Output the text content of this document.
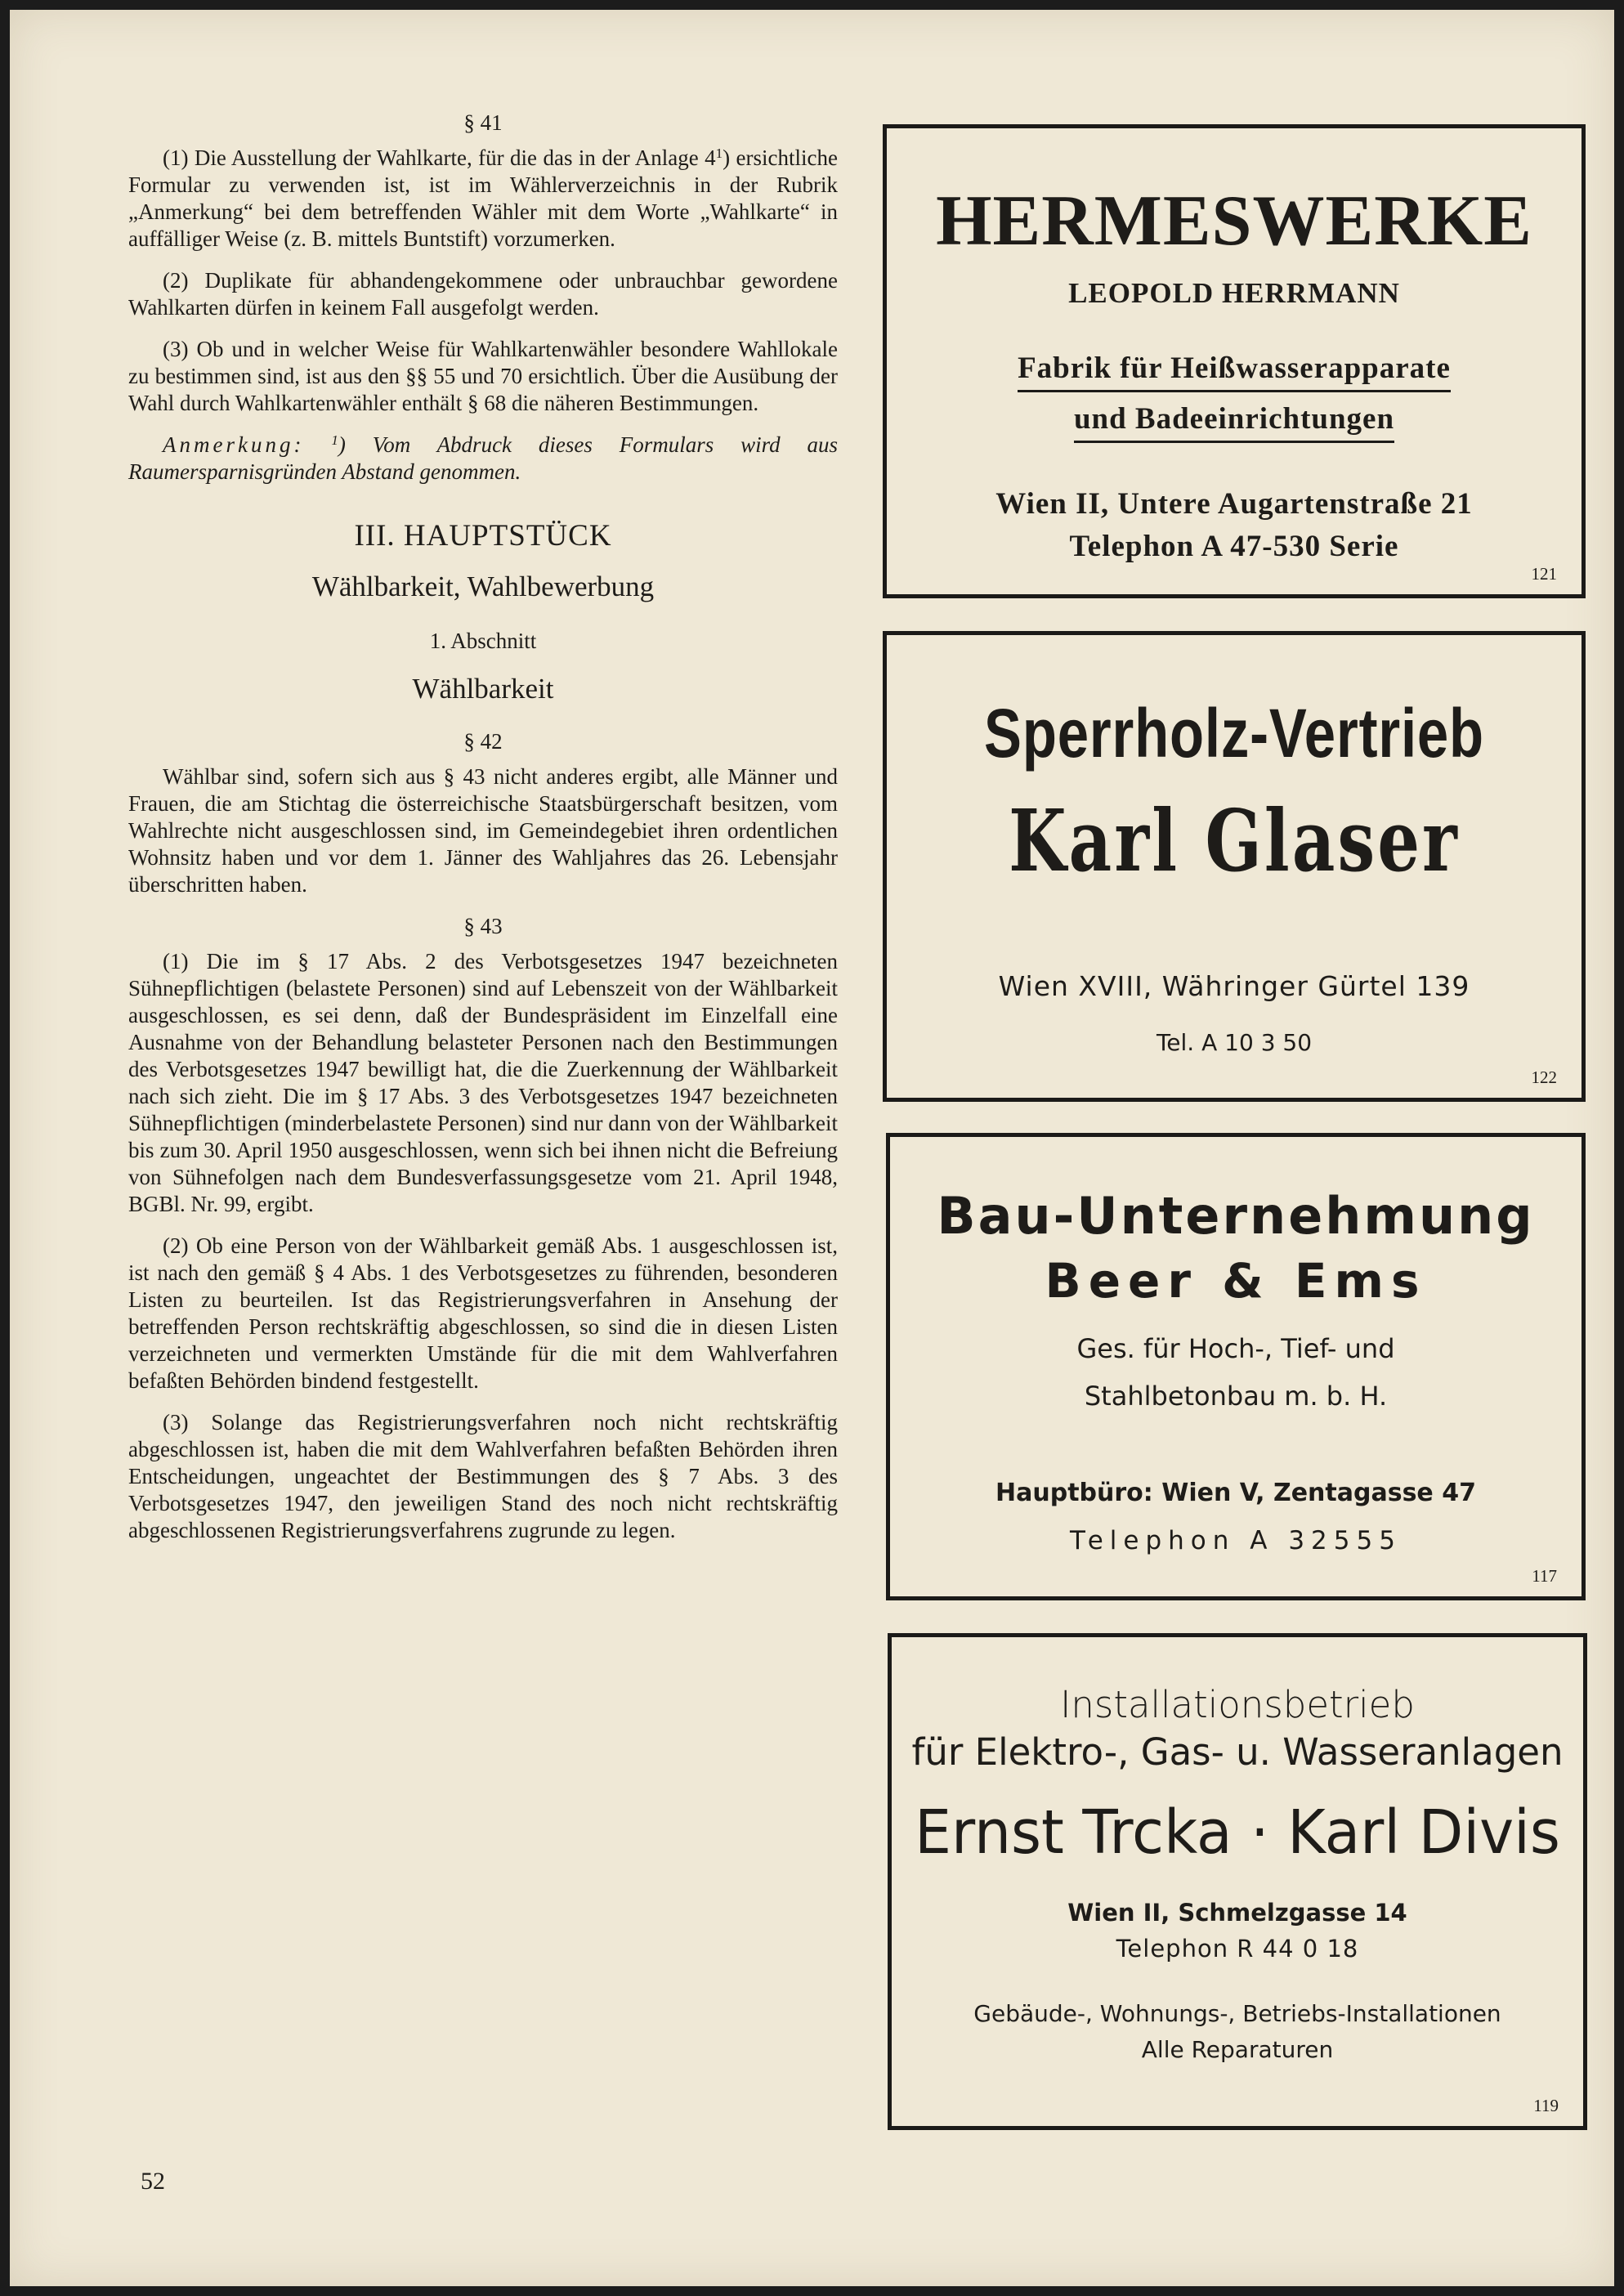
§ 41

(1) Die Ausstellung der Wahlkarte, für die das in der Anlage $4^1$) ersichtliche Formular zu verwenden ist, ist im Wählerverzeichnis in der Rubrik „Anmerkung“ bei dem betreffenden Wähler mit dem Worte „Wahlkarte“ in auffälliger Weise (z. B. mittels Buntstift) vorzumerken.

(2) Duplikate für abhandengekommene oder unbrauchbar gewordene Wahlkarten dürfen in keinem Fall ausgefolgt werden.

(3) Ob und in welcher Weise für Wahlkartenwähler besondere Wahllokale zu bestimmen sind, ist aus den §§ 55 und 70 ersichtlich. Über die Ausübung der Wahl durch Wahlkartenwähler enthält § 68 die näheren Bestimmungen.

Anmerkung: $^1$) Vom Abdruck dieses Formulars wird aus Raumersparnisgründen Abstand genommen.

III. HAUPTSTÜCK
Wählbarkeit, Wahlbewerbung
1. Abschnitt
Wählbarkeit
§ 42

Wählbar sind, sofern sich aus § 43 nicht anderes ergibt, alle Männer und Frauen, die am Stichtag die österreichische Staatsbürgerschaft besitzen, vom Wahlrechte nicht ausgeschlossen sind, im Gemeindegebiet ihren ordentlichen Wohnsitz haben und vor dem 1. Jänner des Wahljahres das 26. Lebensjahr überschritten haben.

§ 43

(1) Die im § 17 Abs. 2 des Verbotsgesetzes 1947 bezeichneten Sühnepflichtigen (belastete Personen) sind auf Lebenszeit von der Wählbarkeit ausgeschlossen, es sei denn, daß der Bundespräsident im Einzelfall eine Ausnahme von der Behandlung belasteter Personen nach den Bestimmungen des Verbotsgesetzes 1947 bewilligt hat, die die Zuerkennung der Wählbarkeit nach sich zieht. Die im § 17 Abs. 3 des Verbotsgesetzes 1947 bezeichneten Sühnepflichtigen (minderbelastete Personen) sind nur dann von der Wählbarkeit bis zum 30. April 1950 ausgeschlossen, wenn sich bei ihnen nicht die Befreiung von Sühnefolgen nach dem Bundesverfassungsgesetze vom 21. April 1948, BGBl. Nr. 99, ergibt.

(2) Ob eine Person von der Wählbarkeit gemäß Abs. 1 ausgeschlossen ist, ist nach den gemäß § 4 Abs. 1 des Verbotsgesetzes zu führenden, besonderen Listen zu beurteilen. Ist das Registrierungsverfahren in Ansehung der betreffenden Person rechtskräftig abgeschlossen, so sind die in diesen Listen verzeichneten und vermerkten Umstände für die mit dem Wahlverfahren befaßten Behörden bindend festgestellt.

(3) Solange das Registrierungsverfahren noch nicht rechtskräftig abgeschlossen ist, haben die mit dem Wahlverfahren befaßten Behörden ihren Entscheidungen, ungeachtet der Bestimmungen des § 7 Abs. 3 des Verbotsgesetzes 1947, den jeweiligen Stand des noch nicht rechtskräftig abgeschlossenen Registrierungsverfahrens zugrunde zu legen.

52
HERMESWERKE
LEOPOLD HERRMANN
Fabrik für Heißwasserapparate
und Badeeinrichtungen
Wien II, Untere Augartenstraße 21
Telephon A 47-530 Serie
121
Sperrholz-Vertrieb
Karl Glaser
Wien XVIII, Währinger Gürtel 139
Tel. A 10 3 50
122
Bau-Unternehmung
Beer & Ems
Ges. für Hoch-, Tief- und
Stahlbetonbau m. b. H.
Hauptbüro: Wien V, Zentagasse 47
Telephon A 32555
117
Installationsbetrieb
für Elektro-, Gas- u. Wasseranlagen
Ernst Trcka · Karl Divis
Wien II, Schmelzgasse 14
Telephon R 44 0 18
Gebäude-, Wohnungs-, Betriebs-Installationen
Alle Reparaturen
119
